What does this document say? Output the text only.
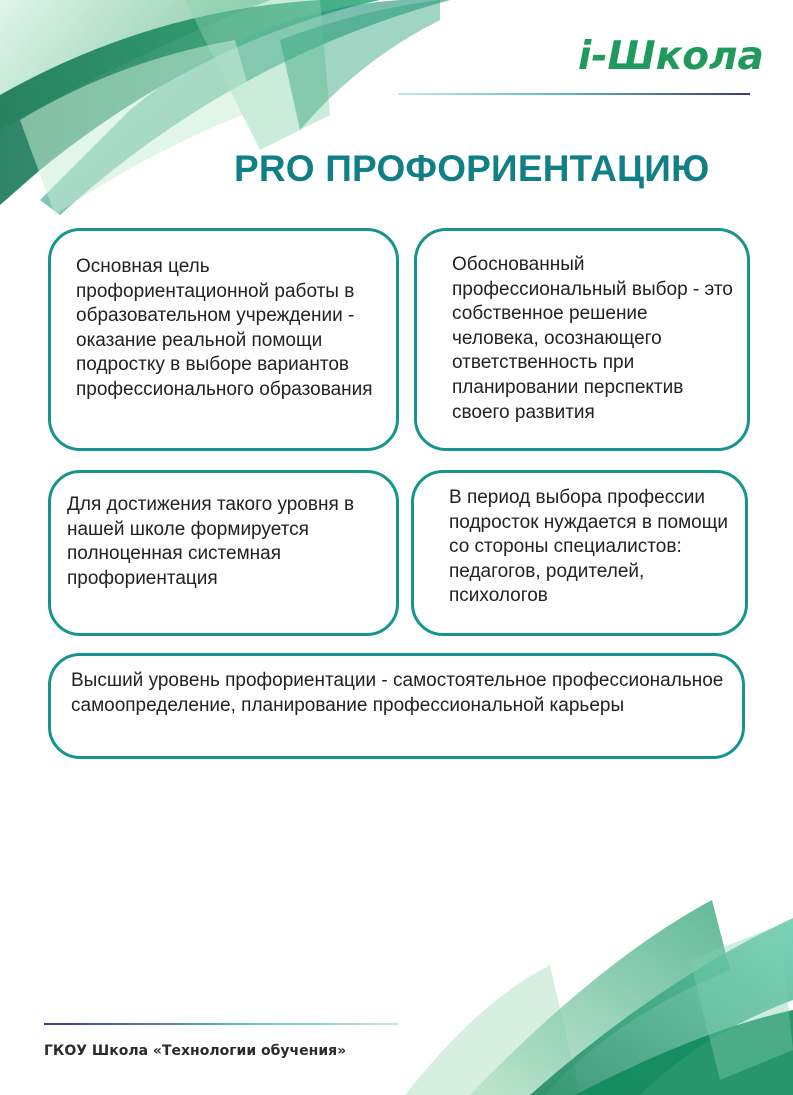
i-Школа
PRO ПРОФОРИЕНТАЦИЮ

Основная цель профориентационной работы в образовательном учреждении - оказание реальной помощи подростку в выборе вариантов профессионального образования

Обоснованный профессиональный выбор - это собственное решение человека, осознающего ответственность при планировании перспектив своего развития

Для достижения такого уровня в нашей школе формируется полноценная системная профориентация

В период выбора профессии подросток нуждается в помощи со стороны специалистов: педагогов, родителей, психологов

Высший уровень профориентации - самостоятельное профессиональное самоопределение, планирование профессиональной карьеры

ГКОУ Школа «Технологии обучения»
